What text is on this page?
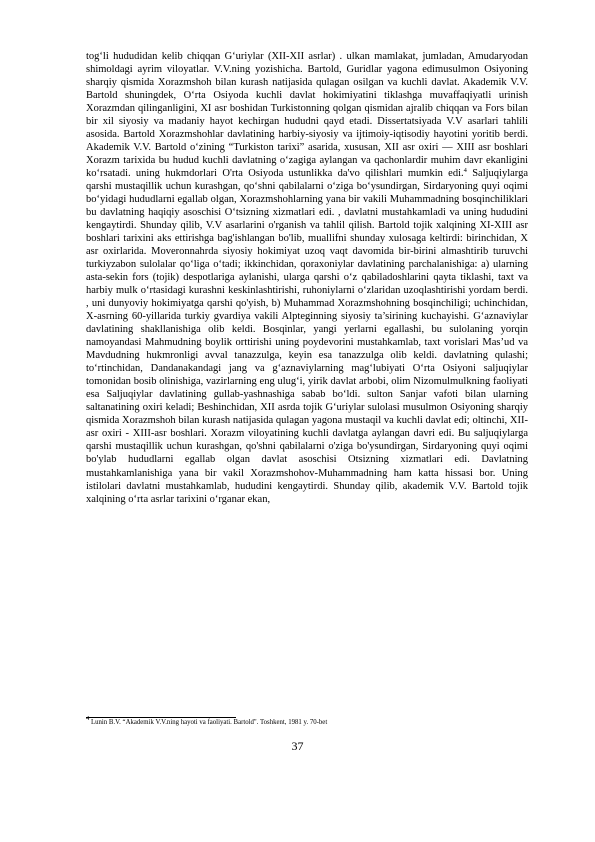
tog‘li hududidan kelib chiqqan G‘uriylar (XII-XII asrlar) . ulkan mamlakat, jumladan, Amudaryodan shimoldagi ayrim viloyatlar. V.V.ning yozishicha. Bartold, Guridlar yagona edimusulmon Osiyoning sharqiy qismida Xorazmshoh bilan kurash natijasida qulagan osilgan va kuchli davlat. Akademik V.V. Bartold shuningdek, O‘rta Osiyoda kuchli davlat hokimiyatini tiklashga muvaffaqiyatli urinish Xorazmdan qilinganligini, XI asr boshidan Turkistonning qolgan qismidan ajralib chiqqan va Fors bilan bir xil siyosiy va madaniy hayot kechirgan hududni qayd etadi. Dissertatsiyada V.V asarlari tahlili asosida. Bartold Xorazmshohlar davlatining harbiy-siyosiy va ijtimoiy-iqtisodiy hayotini yoritib berdi. Akademik V.V. Bartold o‘zining “Turkiston tarixi” asarida, xususan, XII asr oxiri — XIII asr boshlari Xorazm tarixida bu hudud kuchli davlatning o‘zagiga aylangan va qachonlardir muhim davr ekanligini ko‘rsatadi. uning hukmdorlari O'rta Osiyoda ustunlikka da'vo qilishlari mumkin edi.$^4$ Saljuqiylarga qarshi mustaqillik uchun kurashgan, qo‘shni qabilalarni o‘ziga bo‘ysundirgan, Sirdaryoning quyi oqimi bo‘yidagi hududlarni egallab olgan, Xorazmshohlarning yana bir vakili Muhammadning bosqinchiliklari bu davlatning haqiqiy asoschisi O‘tsizning xizmatlari edi. , davlatni mustahkamladi va uning hududini kengaytirdi. Shunday qilib, V.V asarlarini o'rganish va tahlil qilish. Bartold tojik xalqining XI-XIII asr boshlari tarixini aks ettirishga bag'ishlangan bo'lib, muallifni shunday xulosaga keltirdi: birinchidan, X asr oxirlarida. Moveronnahrda siyosiy hokimiyat uzoq vaqt davomida bir-birini almashtirib turuvchi turkiyzabon sulolalar qo‘liga o‘tadi; ikkinchidan, qoraxoniylar davlatining parchalanishiga: a) ularning asta-sekin fors (tojik) despotlariga aylanishi, ularga qarshi o‘z qabiladoshlarini qayta tiklashi, taxt va harbiy mulk o‘rtasidagi kurashni keskinlashtirishi, ruhoniylarni o‘zlaridan uzoqlashtirishi yordam berdi. , uni dunyoviy hokimiyatga qarshi qo'yish, b) Muhammad Xorazmshohning bosqinchiligi; uchinchidan, X-asrning 60-yillarida turkiy gvardiya vakili Alpteginning siyosiy ta’sirining kuchayishi. G‘aznaviylar davlatining shakllanishiga olib keldi. Bosqinlar, yangi yerlarni egallashi, bu sulolaning yorqin namoyandasi Mahmudning boylik orttirishi uning poydevorini mustahkamlab, taxt vorislari Mas’ud va Mavdudning hukmronligi avval tanazzulga, keyin esa tanazzulga olib keldi. davlatning qulashi; to‘rtinchidan, Dandanakandagi jang va g‘aznaviylarning mag‘lubiyati O‘rta Osiyoni saljuqiylar tomonidan bosib olinishiga, vazirlarning eng ulug‘i, yirik davlat arbobi, olim Nizomulmulkning faoliyati esa Saljuqiylar davlatining gullab-yashnashiga sabab bo‘ldi. sulton Sanjar vafoti bilan ularning saltanatining oxiri keladi; Beshinchidan, XII asrda tojik G‘uriylar sulolasi musulmon Osiyoning sharqiy qismida Xorazmshoh bilan kurash natijasida qulagan yagona mustaqil va kuchli davlat edi; oltinchi, XII-asr oxiri - XIII-asr boshlari. Xorazm viloyatining kuchli davlatga aylangan davri edi. Bu saljuqiylarga qarshi mustaqillik uchun kurashgan, qo'shni qabilalarni o'ziga bo'ysundirgan, Sirdaryoning quyi oqimi bo'ylab hududlarni egallab olgan davlat asoschisi Otsizning xizmatlari edi. Davlatning mustahkamlanishiga yana bir vakil Xorazmshohov-Muhammadning ham katta hissasi bor. Uning istilolari davlatni mustahkamlab, hududini kengaytirdi. Shunday qilib, akademik V.V. Bartold tojik xalqining o‘rta asrlar tarixini o‘rganar ekan,

4 Lunin B.V. “Akademik V.V.ning hayoti va faoliyati. Bartold". Toshkent, 1981 y. 70-bet

37
